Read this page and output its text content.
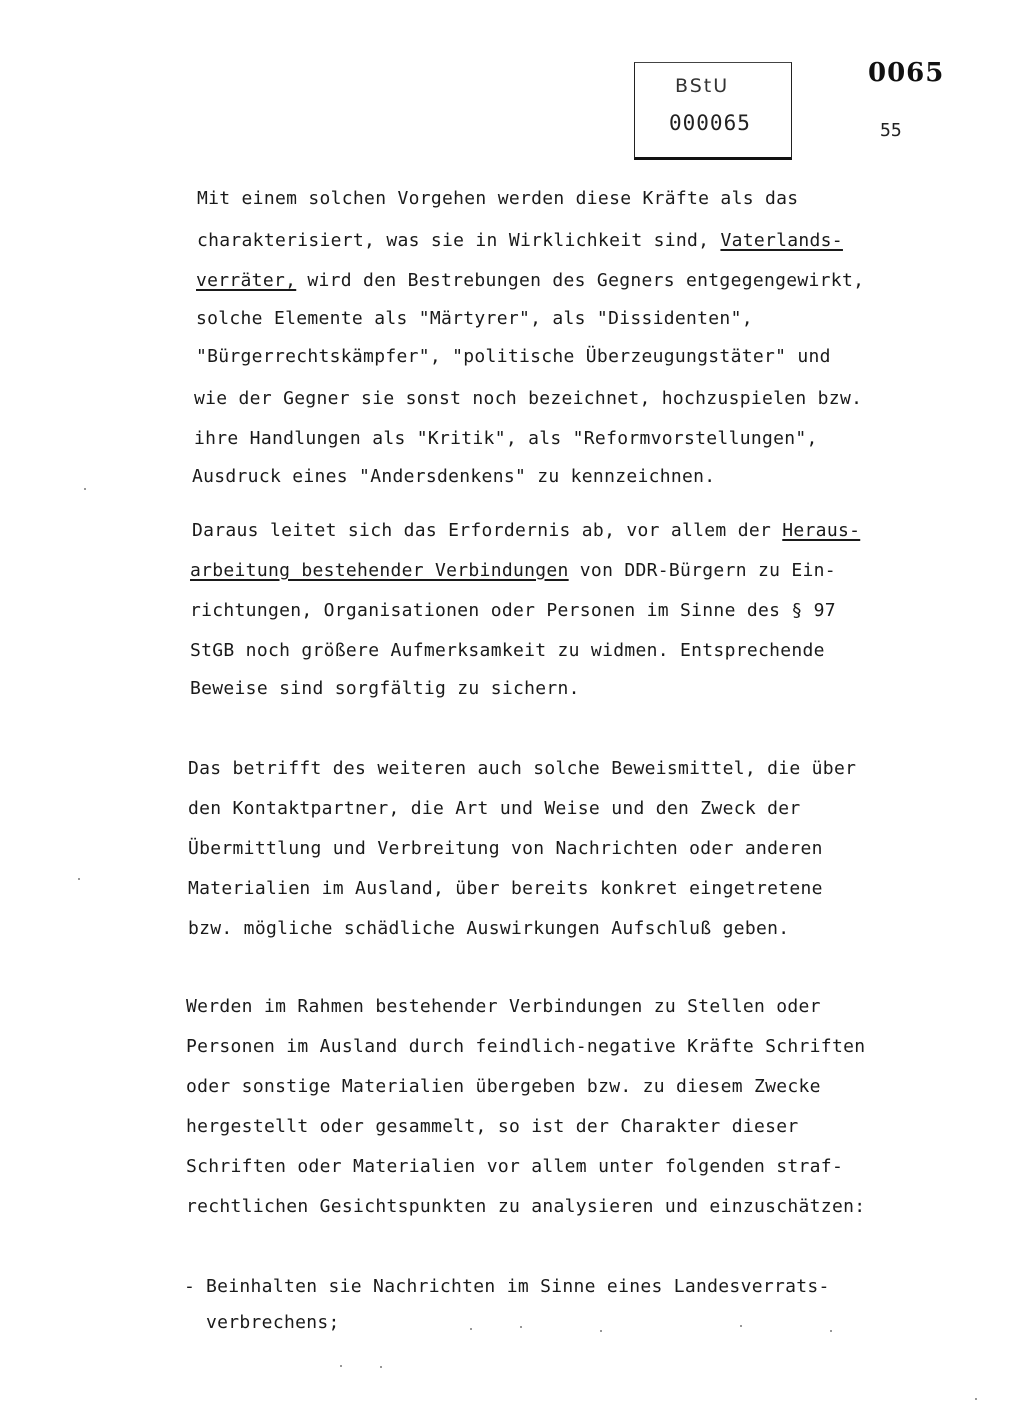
BStU
000065
0065
55
Mit einem solchen Vorgehen werden diese Kräfte als das
charakterisiert, was sie in Wirklichkeit sind, Vaterlands-
verräter, wird den Bestrebungen des Gegners entgegengewirkt,
solche Elemente als "Märtyrer", als "Dissidenten",
"Bürgerrechtskämpfer", "politische Überzeugungstäter" und
wie der Gegner sie sonst noch bezeichnet, hochzuspielen bzw.
ihre Handlungen als "Kritik", als "Reformvorstellungen",
Ausdruck eines "Andersdenkens" zu kennzeichnen.
Daraus leitet sich das Erfordernis ab, vor allem der Heraus-
arbeitung bestehender Verbindungen von DDR-Bürgern zu Ein-
richtungen, Organisationen oder Personen im Sinne des § 97
StGB noch größere Aufmerksamkeit zu widmen. Entsprechende
Beweise sind sorgfältig zu sichern.
Das betrifft des weiteren auch solche Beweismittel, die über
den Kontaktpartner, die Art und Weise und den Zweck der
Übermittlung und Verbreitung von Nachrichten oder anderen
Materialien im Ausland, über bereits konkret eingetretene
bzw. mögliche schädliche Auswirkungen Aufschluß geben.
Werden im Rahmen bestehender Verbindungen zu Stellen oder
Personen im Ausland durch feindlich-negative Kräfte Schriften
oder sonstige Materialien übergeben bzw. zu diesem Zwecke
hergestellt oder gesammelt, so ist der Charakter dieser
Schriften oder Materialien vor allem unter folgenden straf-
rechtlichen Gesichtspunkten zu analysieren und einzuschätzen:
- Beinhalten sie Nachrichten im Sinne eines Landesverrats-
verbrechens;
